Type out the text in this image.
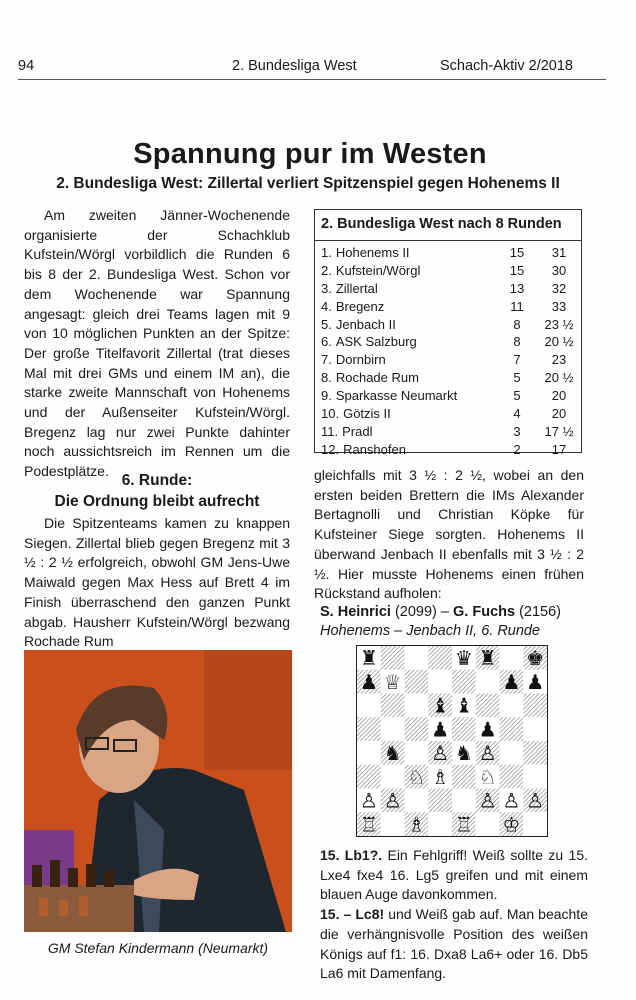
94	2. Bundesliga West	Schach-Aktiv 2/2018
Spannung pur im Westen
2. Bundesliga West: Zillertal verliert Spitzenspiel gegen Hohenems II

Am zweiten Jänner-Wochenende organisierte der Schachklub Kufstein/Wörgl vorbildlich die Runden 6 bis 8 der 2. Bundesliga West. Schon vor dem Wochenende war Spannung angesagt: gleich drei Teams lagen mit 9 von 10 möglichen Punkten an der Spitze: Der große Titelfavorit Zillertal (trat dieses Mal mit drei GMs und einem IM an), die starke zweite Mannschaft von Hohenems und der Außenseiter Kufstein/Wörgl. Bregenz lag nur zwei Punkte dahinter noch aussichtsreich im Rennen um die Podestplätze.

6. Runde:
Die Ordnung bleibt aufrecht

Die Spitzenteams kamen zu knappen Siegen. Zillertal blieb gegen Bregenz mit 3 ½ : 2 ½ erfolgreich, obwohl GM Jens-Uwe Maiwald gegen Max Hess auf Brett 4 im Finish überraschend den ganzen Punkt abgab. Hausherr Kufstein/Wörgl bezwang Rochade Rum

GM Stefan Kindermann (Neumarkt)
2. Bundesliga West nach 8 Runden
1. Hohenems II	15	31
2. Kufstein/Wörgl	15	30
3. Zillertal	13	32
4. Bregenz	11	33
5. Jenbach II	8	23 ½
6. ASK Salzburg	8	20 ½
7. Dornbirn	7	23
8. Rochade Rum	5	20 ½
9. Sparkasse Neumarkt	5	20
10. Götzis II	4	20
11. Pradl	3	17 ½
12. Ranshofen	2	17

gleichfalls mit 3 ½ : 2 ½, wobei an den ersten beiden Brettern die IMs Alexander Bertagnolli und Christian Köpke für Kufsteiner Siege sorgten. Hohenems II überwand Jenbach II ebenfalls mit 3 ½ : 2 ½. Hier musste Hohenems einen frühen Rückstand aufholen:

S. Heinrici (2099) – G. Fuchs (2156)
Hohenems – Jenbach II, 6. Runde
♜	♛ ♜ ♚
♟ ♕	♟ ♟
♝ ♝
♟ ♟
♞ ♙ ♞ ♙
♘ ♗ ♘
♙ ♙	♙ ♙ ♙
♖ ♗ ♖ ♔

15. Lb1?. Ein Fehlgriff! Weiß sollte zu 15. Lxe4 fxe4 16. Lg5 greifen und mit einem blauen Auge davonkommen.

15. – Lc8! und Weiß gab auf. Man beachte die verhängnisvolle Position des weißen Königs auf f1: 16. Dxa8 La6+ oder 16. Db5 La6 mit Damenfang.
